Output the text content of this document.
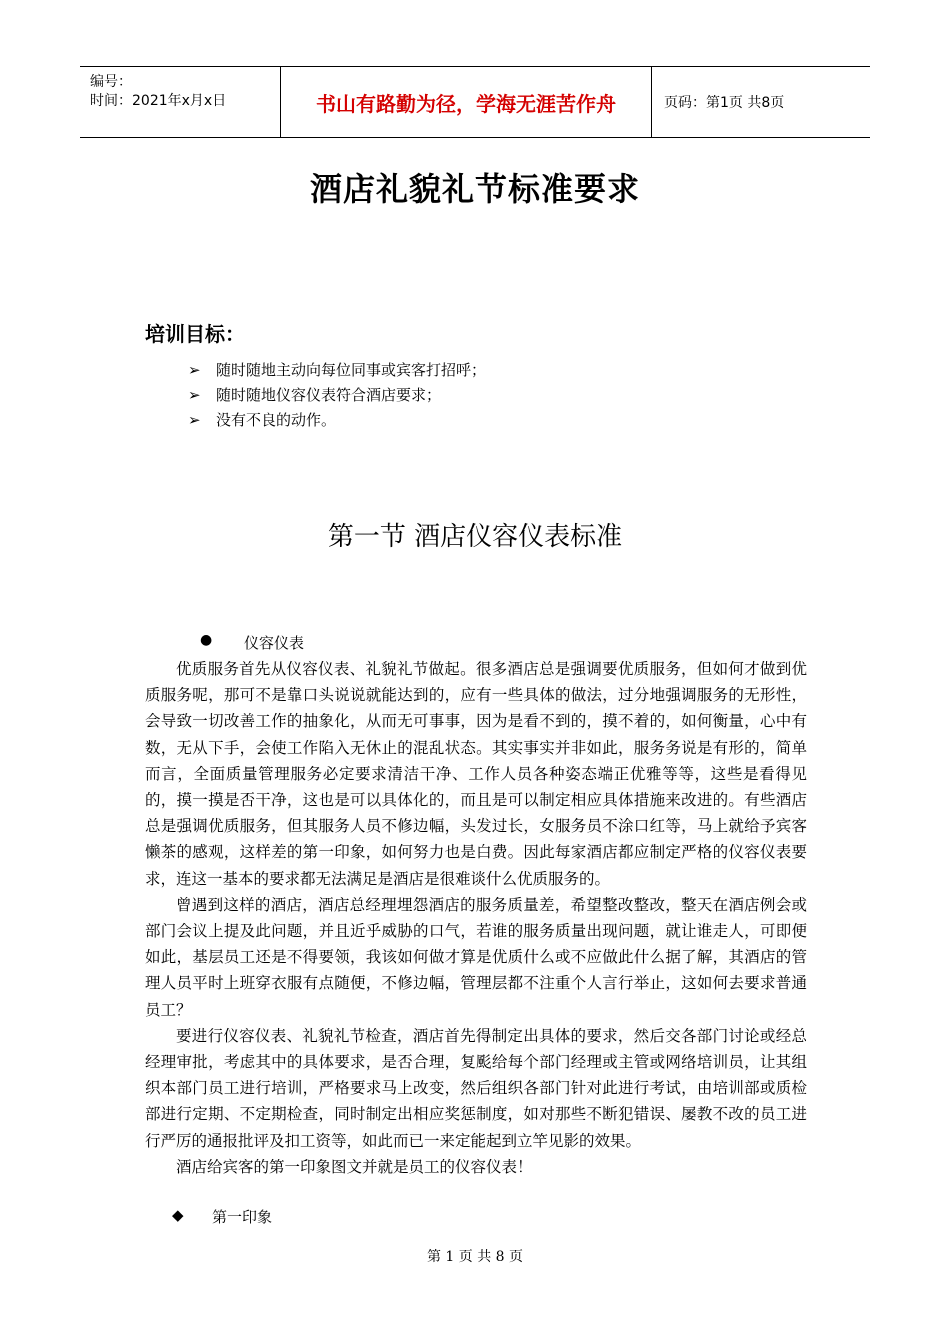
编号：
时间：2021年x月x日	书山有路勤为径，学海无涯苦作舟	页码：第1页 共8页
酒店礼貌礼节标准要求
培训目标：
➢	随时随地主动向每位同事或宾客打招呼；
➢	随时随地仪容仪表符合酒店要求；
➢	没有不良的动作。
第一节 酒店仪容仪表标准
●	仪容仪表

优质服务首先从仪容仪表、礼貌礼节做起。很多酒店总是强调要优质服务，但如何才做到优质服务呢，那可不是靠口头说说就能达到的，应有一些具体的做法，过分地强调服务的无形性，会导致一切改善工作的抽象化，从而无可事事，因为是看不到的，摸不着的，如何衡量，心中有数，无从下手，会使工作陷入无休止的混乱状态。其实事实并非如此，服务务说是有形的，简单而言，全面质量管理服务必定要求清洁干净、工作人员各种姿态端正优雅等等，这些是看得见的，摸一摸是否干净，这也是可以具体化的，而且是可以制定相应具体措施来改进的。有些酒店总是强调优质服务，但其服务人员不修边幅，头发过长，女服务员不涂口红等，马上就给予宾客懒茶的感观，这样差的第一印象，如何努力也是白费。因此每家酒店都应制定严格的仪容仪表要求，连这一基本的要求都无法满足是酒店是很难谈什么优质服务的。

曾遇到这样的酒店，酒店总经理埋怨酒店的服务质量差，希望整改整改，整天在酒店例会或部门会议上提及此问题，并且近乎威胁的口气，若谁的服务质量出现问题，就让谁走人，可即便如此，基层员工还是不得要领，我该如何做才算是优质什么或不应做此什么据了解，其酒店的管理人员平时上班穿衣服有点随便，不修边幅，管理层都不注重个人言行举止，这如何去要求普通员工？

要进行仪容仪表、礼貌礼节检查，酒店首先得制定出具体的要求，然后交各部门讨论或经总经理审批，考虑其中的具体要求，是否合理，复颩给每个部门经理或主管或网络培训员，让其组织本部门员工进行培训，严格要求马上改变，然后组织各部门针对此进行考试，由培训部或质检部进行定期、不定期检查，同时制定出相应奖惩制度，如对那些不断犯错误、屡教不改的员工进行严厉的通报批评及扣工资等，如此而已一来定能起到立竿见影的效果。

酒店给宾客的第一印象图文并就是员工的仪容仪表！

◆	第一印象
第 1 页 共 8 页
